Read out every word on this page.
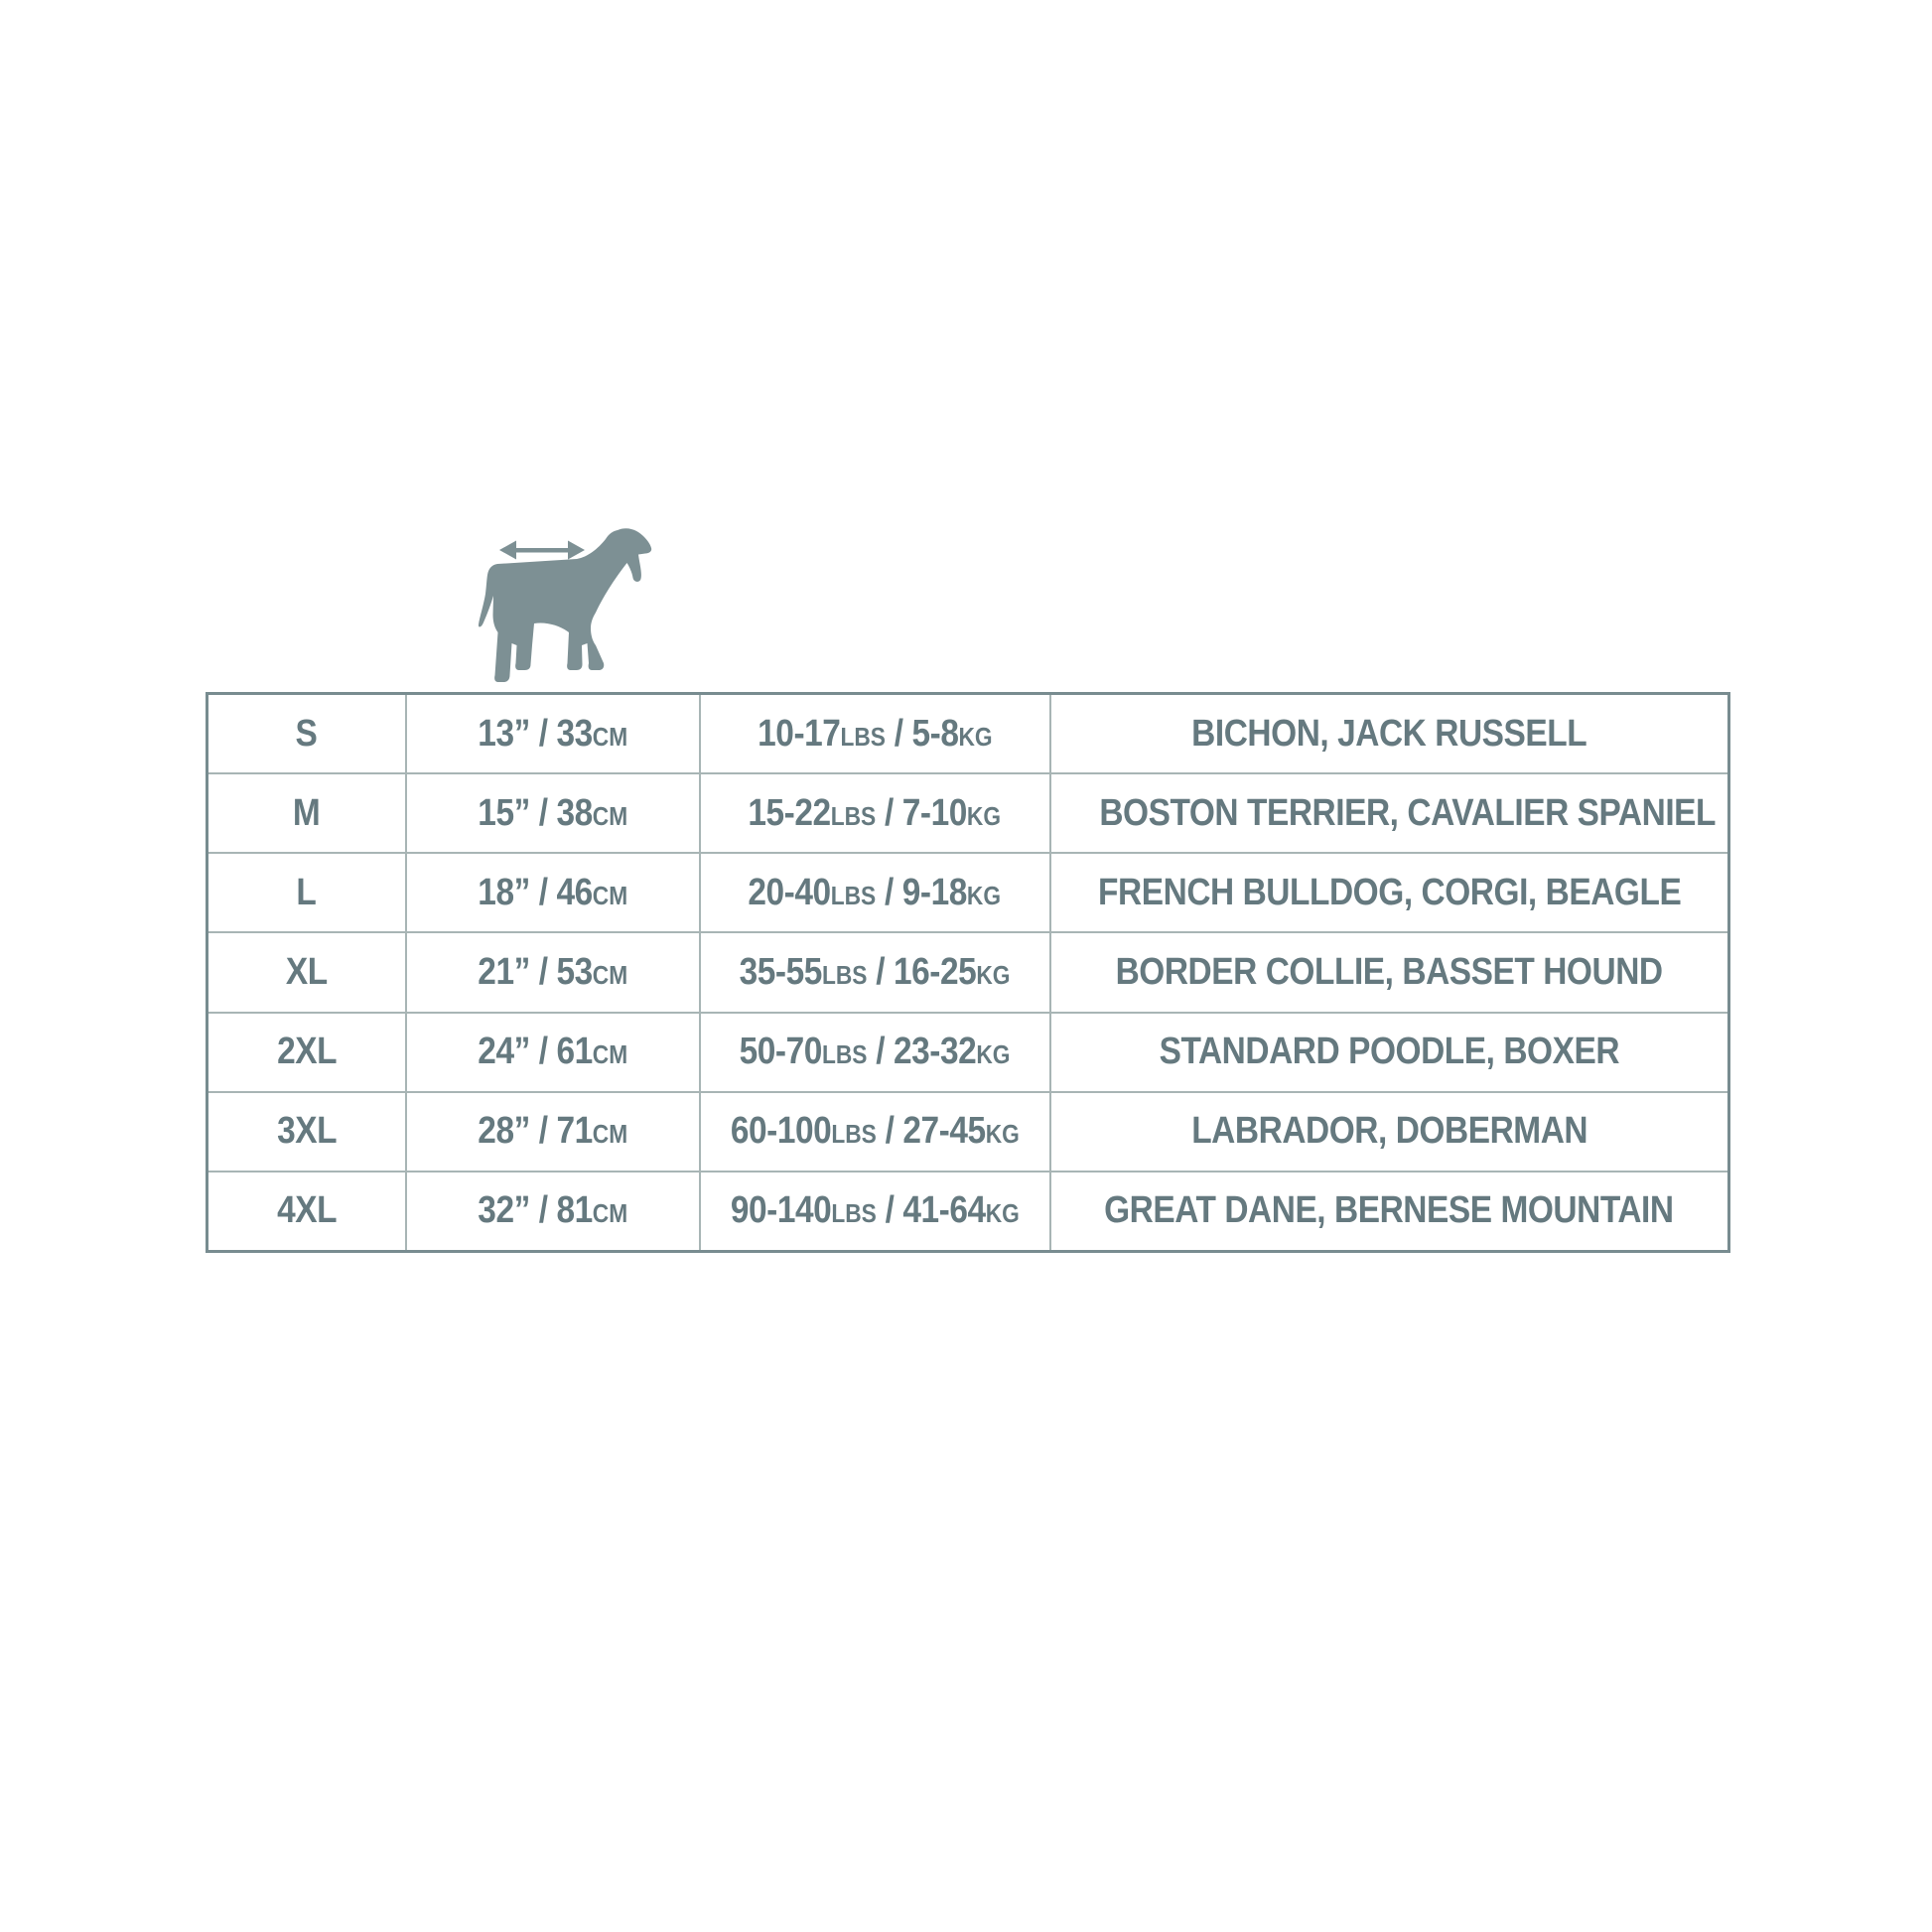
S	13” / 33CM	10-17LBS / 5-8KG	BICHON, JACK RUSSELL
M	15” / 38CM	15-22LBS / 7-10KG	BOSTON TERRIER, CAVALIER SPANIEL
L	18” / 46CM	20-40LBS / 9-18KG	FRENCH BULLDOG, CORGI, BEAGLE
XL	21” / 53CM	35-55LBS / 16-25KG	BORDER COLLIE, BASSET HOUND
2XL	24” / 61CM	50-70LBS / 23-32KG	STANDARD POODLE, BOXER
3XL	28” / 71CM	60-100LBS / 27-45KG	LABRADOR, DOBERMAN
4XL	32” / 81CM	90-140LBS / 41-64KG	GREAT DANE, BERNESE MOUNTAIN
